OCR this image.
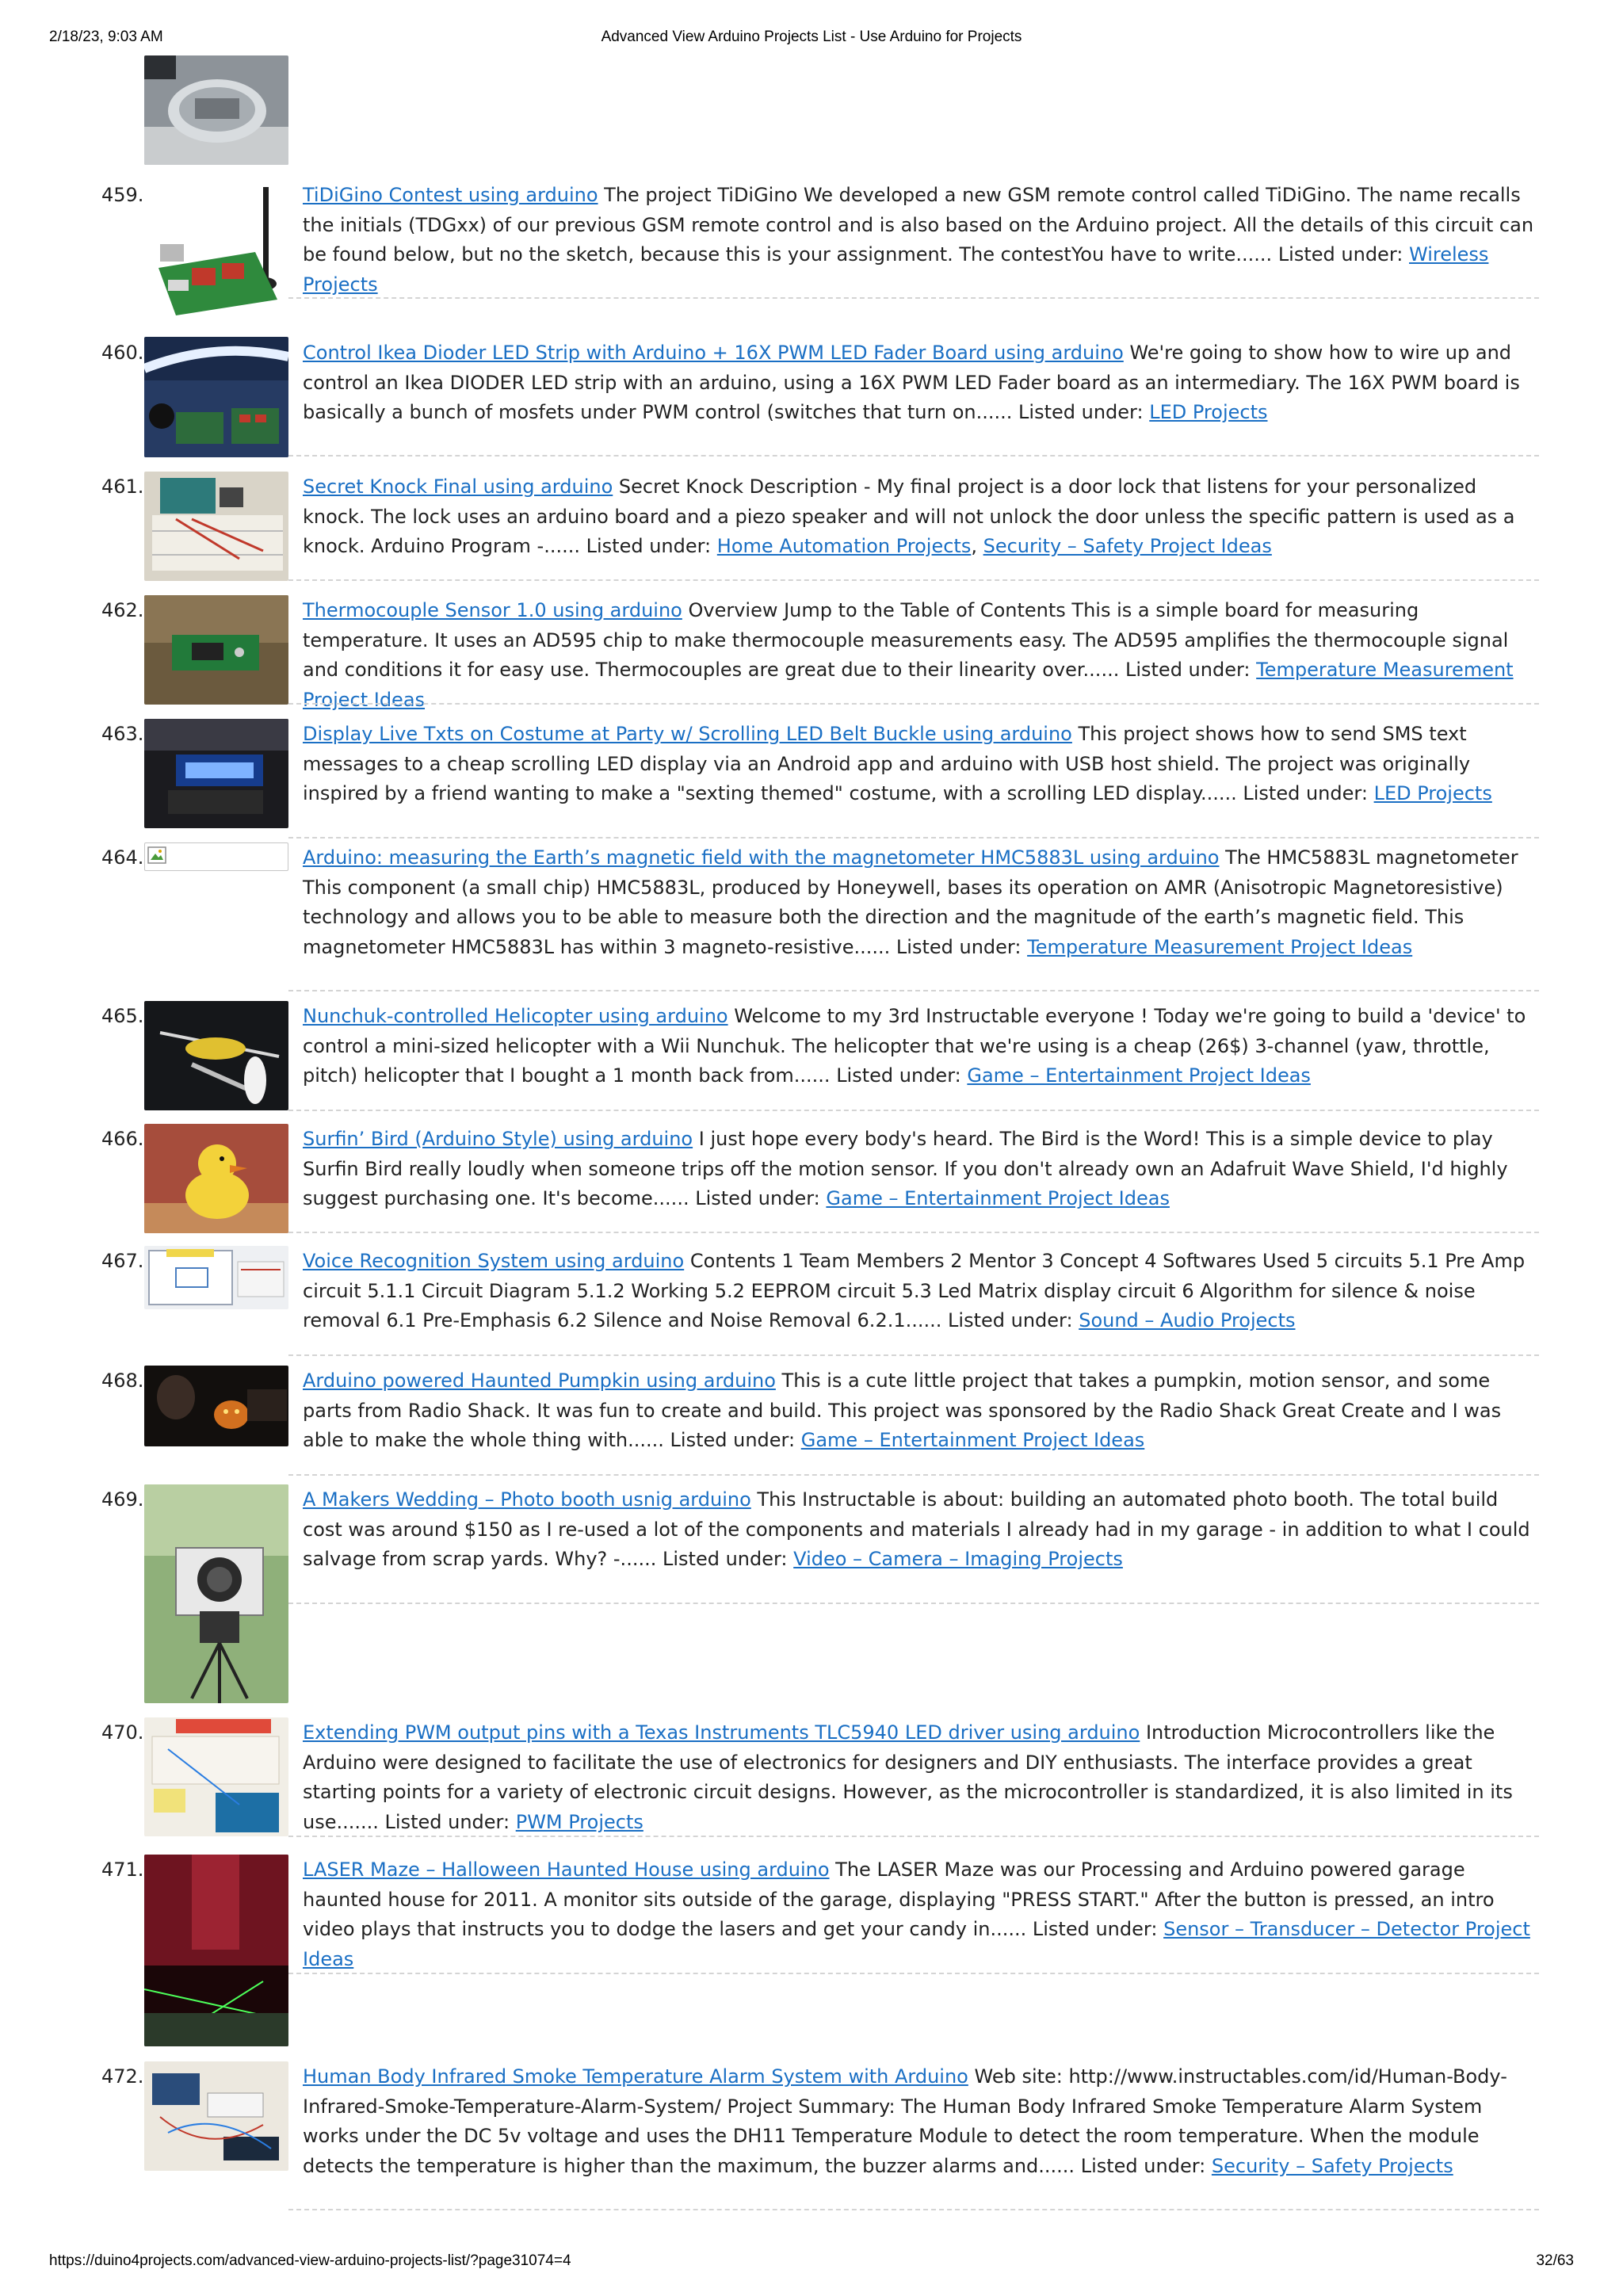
2/18/23, 9:03 AM	Advanced View Arduino Projects List - Use Arduino for Projects
459.	TiDiGino Contest using arduino The project TiDiGino We developed a new GSM remote control called TiDiGino. The name recalls the initials (TDGxx) of our previous GSM remote control and is also based on the Arduino project. All the details of this circuit can be found below, but no the sketch, because this is your assignment. The contestYou have to write...... Listed under: Wireless Projects
460.	Control Ikea Dioder LED Strip with Arduino + 16X PWM LED Fader Board using arduino We're going to show how to wire up and control an Ikea DIODER LED strip with an arduino, using a 16X PWM LED Fader board as an intermediary. The 16X PWM board is basically a bunch of mosfets under PWM control (switches that turn on...... Listed under: LED Projects
461.	Secret Knock Final using arduino Secret Knock Description - My final project is a door lock that listens for your personalized knock. The lock uses an arduino board and a piezo speaker and will not unlock the door unless the specific pattern is used as a knock. Arduino Program -...... Listed under: Home Automation Projects, Security – Safety Project Ideas
462.	Thermocouple Sensor 1.0 using arduino Overview Jump to the Table of Contents This is a simple board for measuring temperature. It uses an AD595 chip to make thermocouple measurements easy. The AD595 amplifies the thermocouple signal and conditions it for easy use. Thermocouples are great due to their linearity over...... Listed under: Temperature Measurement Project Ideas
463.	Display Live Txts on Costume at Party w/ Scrolling LED Belt Buckle using arduino This project shows how to send SMS text messages to a cheap scrolling LED display via an Android app and arduino with USB host shield. The project was originally inspired by a friend wanting to make a "sexting themed" costume, with a scrolling LED display...... Listed under: LED Projects
464.	Arduino: measuring the Earth’s magnetic field with the magnetometer HMC5883L using arduino The HMC5883L magnetometer This component (a small chip) HMC5883L, produced by Honeywell, bases its operation on AMR (Anisotropic Magnetoresistive) technology and allows you to be able to measure both the direction and the magnitude of the earth’s magnetic field. This magnetometer HMC5883L has within 3 magneto-resistive...... Listed under: Temperature Measurement Project Ideas
465.	Nunchuk-controlled Helicopter using arduino Welcome to my 3rd Instructable everyone ! Today we're going to build a 'device' to control a mini-sized helicopter with a Wii Nunchuk. The helicopter that we're using is a cheap (26$) 3-channel (yaw, throttle, pitch) helicopter that I bought a 1 month back from...... Listed under: Game – Entertainment Project Ideas
466.	Surfin’ Bird (Arduino Style) using arduino I just hope every body's heard. The Bird is the Word! This is a simple device to play Surfin Bird really loudly when someone trips off the motion sensor. If you don't already own an Adafruit Wave Shield, I'd highly suggest purchasing one. It's become...... Listed under: Game – Entertainment Project Ideas
467.	Voice Recognition System using arduino Contents 1 Team Members 2 Mentor 3 Concept 4 Softwares Used 5 circuits 5.1 Pre Amp circuit 5.1.1 Circuit Diagram 5.1.2 Working 5.2 EEPROM circuit 5.3 Led Matrix display circuit 6 Algorithm for silence & noise removal 6.1 Pre-Emphasis 6.2 Silence and Noise Removal 6.2.1...... Listed under: Sound – Audio Projects
468.	Arduino powered Haunted Pumpkin using arduino This is a cute little project that takes a pumpkin, motion sensor, and some parts from Radio Shack. It was fun to create and build. This project was sponsored by the Radio Shack Great Create and I was able to make the whole thing with...... Listed under: Game – Entertainment Project Ideas
469.	A Makers Wedding – Photo booth usnig arduino This Instructable is about: building an automated photo booth. The total build cost was around $150 as I re-used a lot of the components and materials I already had in my garage - in addition to what I could salvage from scrap yards. Why? -...... Listed under: Video – Camera – Imaging Projects
470.	Extending PWM output pins with a Texas Instruments TLC5940 LED driver using arduino Introduction Microcontrollers like the Arduino were designed to facilitate the use of electronics for designers and DIY enthusiasts. The interface provides a great starting points for a variety of electronic circuit designs. However, as the microcontroller is standardized, it is also limited in its use....... Listed under: PWM Projects
471.	LASER Maze – Halloween Haunted House using arduino The LASER Maze was our Processing and Arduino powered garage haunted house for 2011. A monitor sits outside of the garage, displaying "PRESS START." After the button is pressed, an intro video plays that instructs you to dodge the lasers and get your candy in...... Listed under: Sensor – Transducer – Detector Project Ideas
472.	Human Body Infrared Smoke Temperature Alarm System with Arduino Web site: http://www.instructables.com/id/Human-Body-Infrared-Smoke-Temperature-Alarm-System/ Project Summary: The Human Body Infrared Smoke Temperature Alarm System works under the DC 5v voltage and uses the DH11 Temperature Module to detect the room temperature. When the module detects the temperature is higher than the maximum, the buzzer alarms and...... Listed under: Security – Safety Projects
https://duino4projects.com/advanced-view-arduino-projects-list/?page31074=4	32/63
